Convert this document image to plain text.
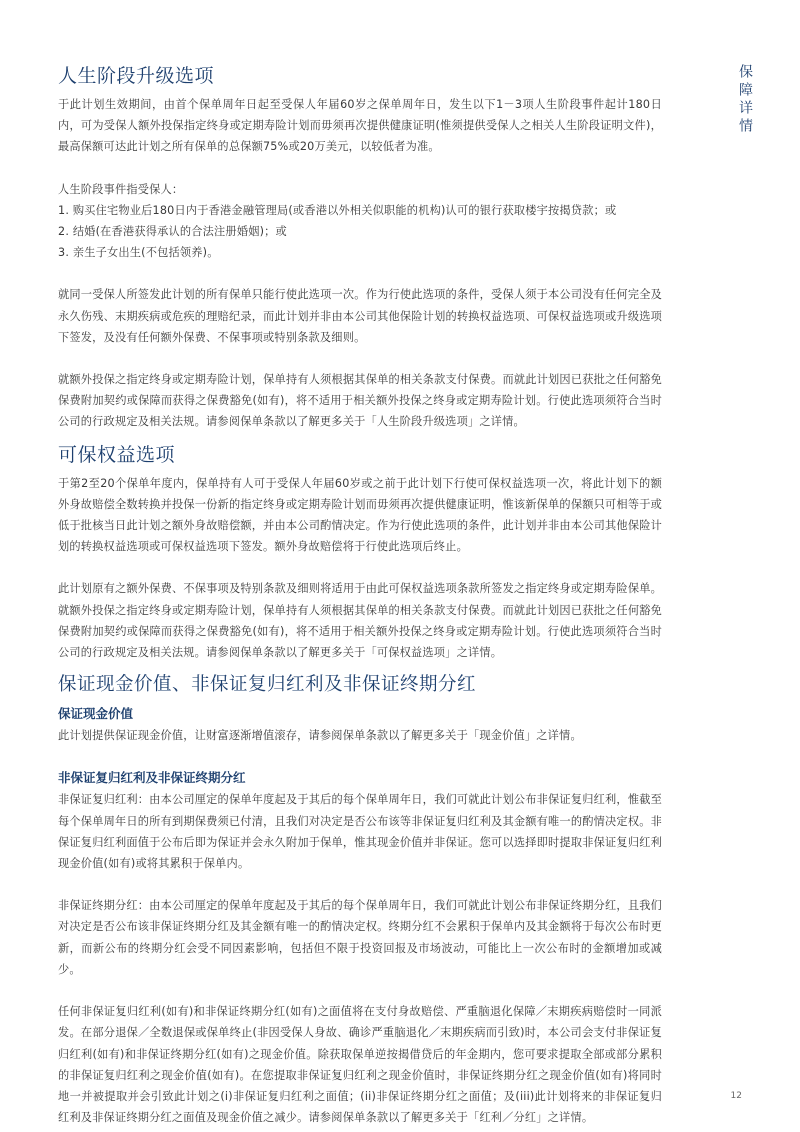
保障详情
人生阶段升级选项

于此计划生效期间，由首个保单周年日起至受保人年届60岁之保单周年日，发生以下1－3项人生阶段事件起计180日内，可为受保人额外投保指定终身或定期寿险计划而毋须再次提供健康证明(惟须提供受保人之相关人生阶段证明文件)，最高保额可达此计划之所有保单的总保额75%或20万美元，以较低者为准。

人生阶段事件指受保人：

1. 购买住宅物业后180日内于香港金融管理局(或香港以外相关似职能的机构)认可的银行获取楼宇按揭贷款；或
2. 结婚(在香港获得承认的合法注册婚姻)；或
3. 亲生子女出生(不包括领养)。

就同一受保人所签发此计划的所有保单只能行使此选项一次。作为行使此选项的条件，受保人须于本公司没有任何完全及永久伤残、末期疾病或危疾的理赔纪录，而此计划并非由本公司其他保险计划的转换权益选项、可保权益选项或升级选项下签发，及没有任何额外保费、不保事项或特别条款及细则。

就额外投保之指定终身或定期寿险计划，保单持有人须根据其保单的相关条款支付保费。而就此计划因已获批之任何豁免保费附加契约或保障而获得之保费豁免(如有)，将不适用于相关额外投保之终身或定期寿险计划。行使此选项须符合当时公司的行政规定及相关法规。请参阅保单条款以了解更多关于「人生阶段升级选项」之详情。

可保权益选项

于第2至20个保单年度内，保单持有人可于受保人年届60岁或之前于此计划下行使可保权益选项一次，将此计划下的额外身故赔偿全数转换并投保一份新的指定终身或定期寿险计划而毋须再次提供健康证明，惟该新保单的保额只可相等于或低于批核当日此计划之额外身故赔偿额，并由本公司酌情决定。作为行使此选项的条件，此计划并非由本公司其他保险计划的转换权益选项或可保权益选项下签发。额外身故赔偿将于行使此选项后终止。

此计划原有之额外保费、不保事项及特别条款及细则将适用于由此可保权益选项条款所签发之指定终身或定期寿险保单。就额外投保之指定终身或定期寿险计划，保单持有人须根据其保单的相关条款支付保费。而就此计划因已获批之任何豁免保费附加契约或保障而获得之保费豁免(如有)，将不适用于相关额外投保之终身或定期寿险计划。行使此选项须符合当时公司的行政规定及相关法规。请参阅保单条款以了解更多关于「可保权益选项」之详情。

保证现金价值、非保证复归红利及非保证终期分红
保证现金价值

此计划提供保证现金价值，让财富逐渐增值滚存，请参阅保单条款以了解更多关于「现金价值」之详情。

非保证复归红利及非保证终期分红

非保证复归红利：由本公司厘定的保单年度起及于其后的每个保单周年日，我们可就此计划公布非保证复归红利，惟截至每个保单周年日的所有到期保费须已付清，且我们对决定是否公布该等非保证复归红利及其金额有唯一的酌情决定权。非保证复归红利面值于公布后即为保证并会永久附加于保单，惟其现金价值并非保证。您可以选择即时提取非保证复归红利现金价值(如有)或将其累积于保单内。

非保证终期分红：由本公司厘定的保单年度起及于其后的每个保单周年日，我们可就此计划公布非保证终期分红，且我们对决定是否公布该非保证终期分红及其金额有唯一的酌情决定权。终期分红不会累积于保单内及其金额将于每次公布时更新，而新公布的终期分红会受不同因素影响，包括但不限于投资回报及市场波动，可能比上一次公布时的金额增加或减少。

任何非保证复归红利(如有)和非保证终期分红(如有)之面值将在支付身故赔偿、严重脑退化保障／末期疾病赔偿时一同派发。在部分退保／全数退保或保单终止(非因受保人身故、确诊严重脑退化／末期疾病而引致)时，本公司会支付非保证复归红利(如有)和非保证终期分红(如有)之现金价值。除获取保单逆按揭借贷后的年金期内，您可要求提取全部或部分累积的非保证复归红利之现金价值(如有)。在您提取非保证复归红利之现金价值时，非保证终期分红之现金价值(如有)将同时地一并被提取并会引致此计划之(i)非保证复归红利之面值；(ii)非保证终期分红之面值；及(iii)此计划将来的非保证复归红利及非保证终期分红之面值及现金价值之减少。请参阅保单条款以了解更多关于「红利／分红」之详情。

12
